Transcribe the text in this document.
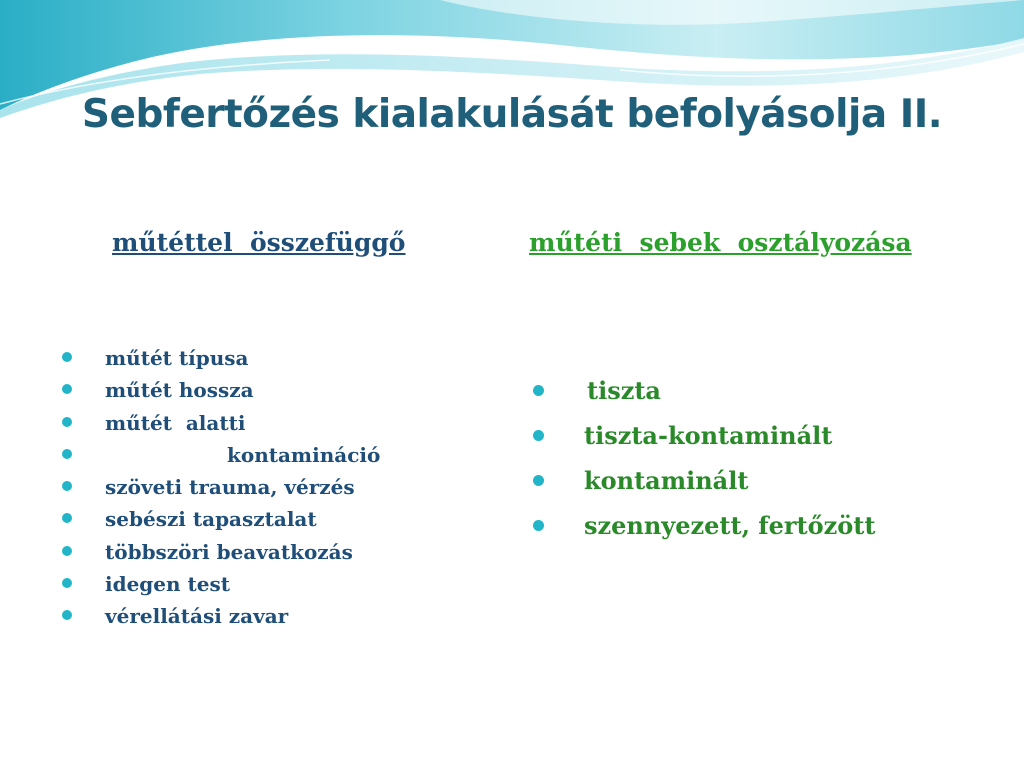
Sebfertőzés kialakulását befolyásolja II.
műtéttel  összefüggő	műtéti  sebek  osztályozása

műtét típusa

műtét hossza

műtét  alatti

kontamináció

szöveti trauma, vérzés

sebészi tapasztalat

többszöri beavatkozás

idegen test

vérellátási zavar

tiszta

tiszta-kontaminált

kontaminált

szennyezett, fertőzött
